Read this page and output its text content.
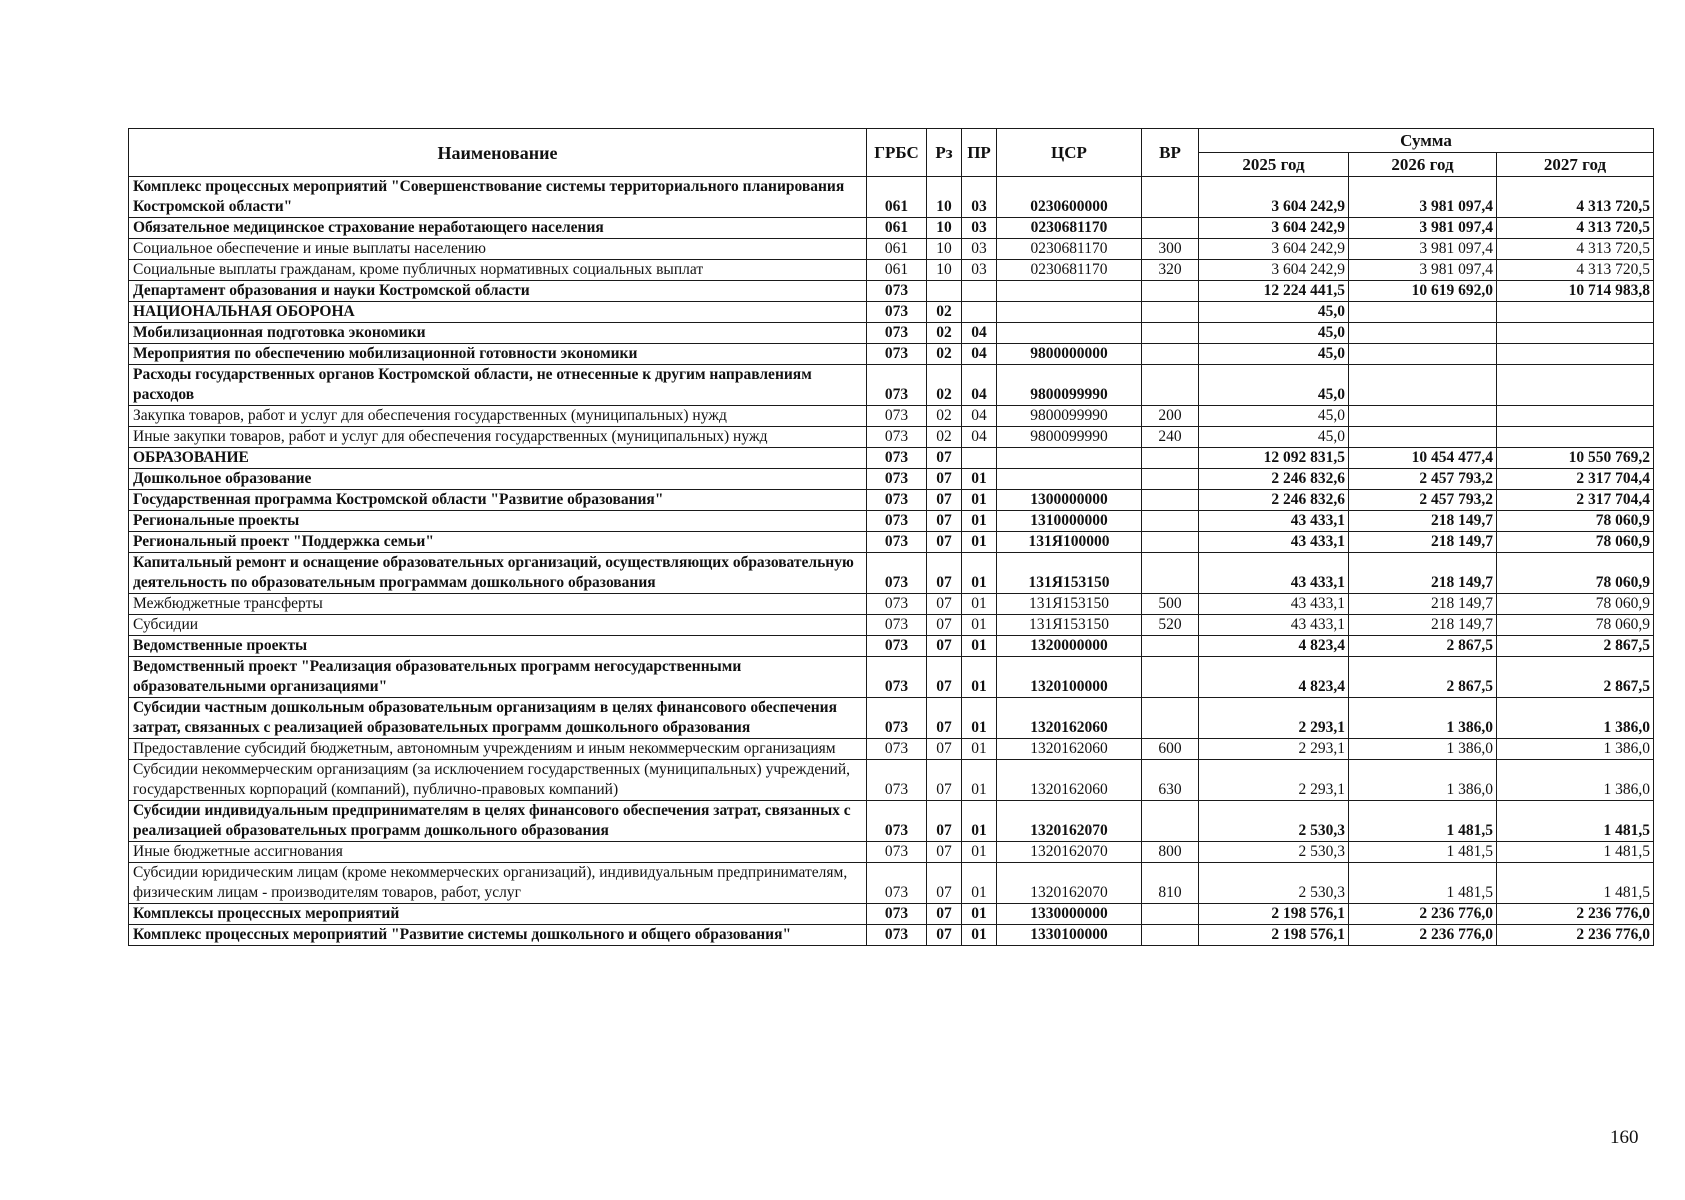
Наименование	ГРБС	Рз	ПР	ЦСР	ВР	Сумма		
						2025 год	2026 год	2027 год
Комплекс процессных мероприятий "Совершенствование системы территориального планирования Костромской области"	061	10	03	0230600000		3 604 242,9	3 981 097,4	4 313 720,5
Обязательное медицинское страхование неработающего населения	061	10	03	0230681170		3 604 242,9	3 981 097,4	4 313 720,5
Социальное обеспечение и иные выплаты населению	061	10	03	0230681170	300	3 604 242,9	3 981 097,4	4 313 720,5
Социальные выплаты гражданам, кроме публичных нормативных социальных выплат	061	10	03	0230681170	320	3 604 242,9	3 981 097,4	4 313 720,5
Департамент образования и науки Костромской области	073					12 224 441,5	10 619 692,0	10 714 983,8
НАЦИОНАЛЬНАЯ ОБОРОНА	073	02				45,0		
Мобилизационная подготовка экономики	073	02	04			45,0		
Мероприятия по обеспечению мобилизационной готовности экономики	073	02	04	9800000000		45,0		
Расходы государственных органов Костромской области, не отнесенные к другим направлениям расходов	073	02	04	9800099990		45,0		
Закупка товаров, работ и услуг для обеспечения государственных (муниципальных) нужд	073	02	04	9800099990	200	45,0		
Иные закупки товаров, работ и услуг для обеспечения государственных (муниципальных) нужд	073	02	04	9800099990	240	45,0		
ОБРАЗОВАНИЕ	073	07				12 092 831,5	10 454 477,4	10 550 769,2
Дошкольное образование	073	07	01			2 246 832,6	2 457 793,2	2 317 704,4
Государственная программа Костромской области "Развитие образования"	073	07	01	1300000000		2 246 832,6	2 457 793,2	2 317 704,4
Региональные проекты	073	07	01	1310000000		43 433,1	218 149,7	78 060,9
Региональный проект "Поддержка семьи"	073	07	01	131Я100000		43 433,1	218 149,7	78 060,9
Капитальный ремонт и оснащение образовательных организаций, осуществляющих образовательную деятельность по образовательным программам дошкольного образования	073	07	01	131Я153150		43 433,1	218 149,7	78 060,9
Межбюджетные трансферты	073	07	01	131Я153150	500	43 433,1	218 149,7	78 060,9
Субсидии	073	07	01	131Я153150	520	43 433,1	218 149,7	78 060,9
Ведомственные проекты	073	07	01	1320000000		4 823,4	2 867,5	2 867,5
Ведомственный проект "Реализация образовательных программ негосударственными образовательными организациями"	073	07	01	1320100000		4 823,4	2 867,5	2 867,5
Субсидии частным дошкольным образовательным организациям в целях финансового обеспечения затрат, связанных с реализацией образовательных программ дошкольного образования	073	07	01	1320162060		2 293,1	1 386,0	1 386,0
Предоставление субсидий бюджетным, автономным учреждениям и иным некоммерческим организациям	073	07	01	1320162060	600	2 293,1	1 386,0	1 386,0
Субсидии некоммерческим организациям (за исключением государственных (муниципальных) учреждений, государственных корпораций (компаний), публично-правовых компаний)	073	07	01	1320162060	630	2 293,1	1 386,0	1 386,0
Субсидии индивидуальным предпринимателям в целях финансового обеспечения затрат, связанных с реализацией образовательных программ дошкольного образования	073	07	01	1320162070		2 530,3	1 481,5	1 481,5
Иные бюджетные ассигнования	073	07	01	1320162070	800	2 530,3	1 481,5	1 481,5
Субсидии юридическим лицам (кроме некоммерческих организаций), индивидуальным предпринимателям, физическим лицам - производителям товаров, работ, услуг	073	07	01	1320162070	810	2 530,3	1 481,5	1 481,5
Комплексы процессных мероприятий	073	07	01	1330000000		2 198 576,1	2 236 776,0	2 236 776,0
Комплекс процессных мероприятий "Развитие системы дошкольного и общего образования"	073	07	01	1330100000		2 198 576,1	2 236 776,0	2 236 776,0
160
